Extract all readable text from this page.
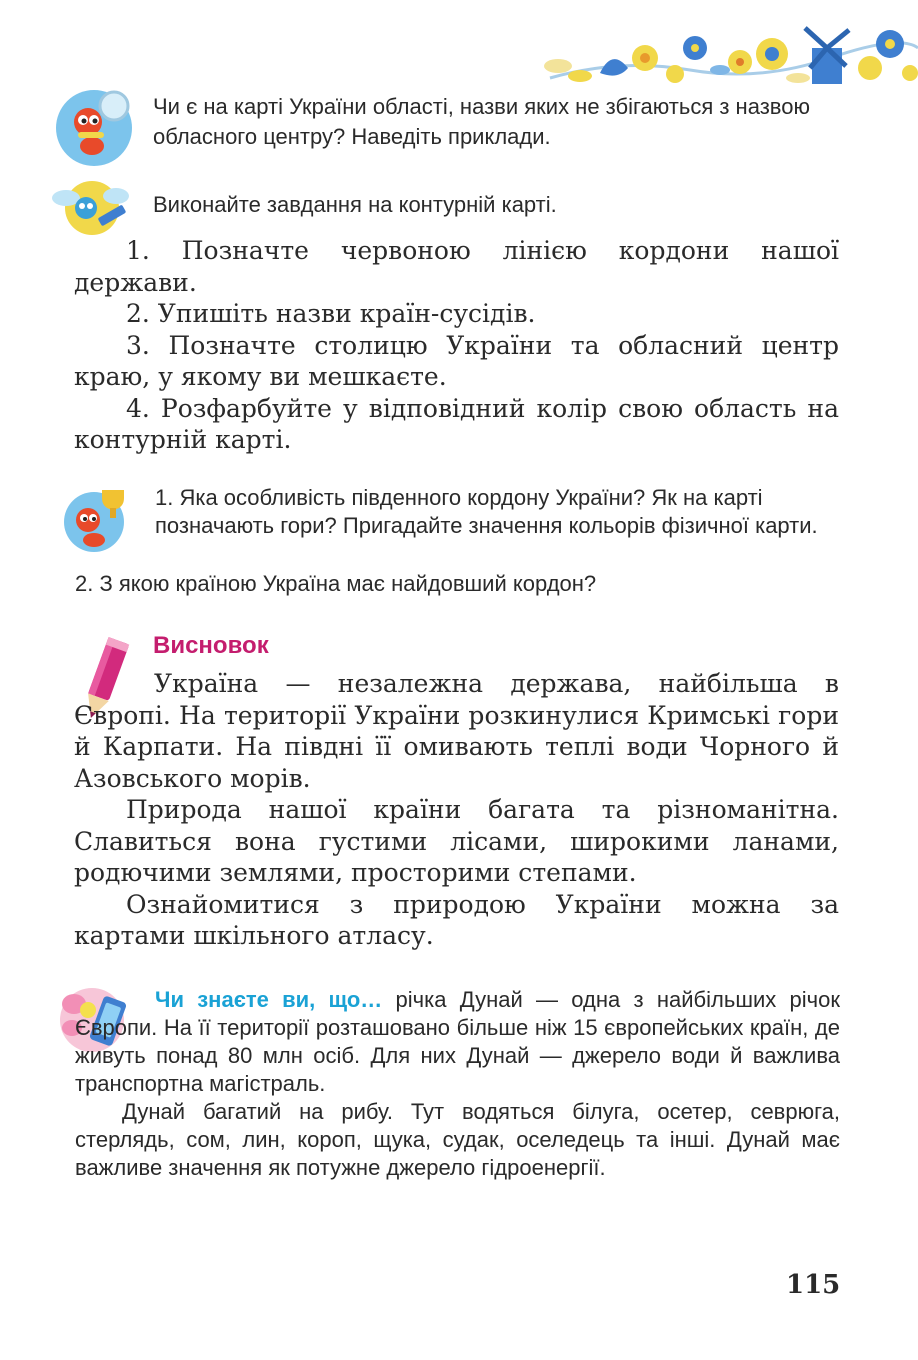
Чи є на карті України області, назви яких не збігаються з назвою обласного центру? Наведіть приклади.
Виконайте завдання на контурній карті.

1. Позначте червоною лінією кордони нашої держави.

2. Упишіть назви країн-сусідів.

3. Позначте столицю України та обласний центр краю, у якому ви мешкаєте.

4. Розфарбуйте у відповідний колір свою область на контурній карті.

1. Яка особливість південного кордону України? Як на карті позначають гори? Пригадайте значення кольорів фізичної карти.
2. З якою країною Україна має найдовший кордон?
Висновок

Україна — незалежна держава, найбільша в Європі. На території України розкинулися Кримські гори й Карпати. На півдні її омивають теплі води Чорного й Азовського морів.

Природа нашої країни багата та різноманітна. Славиться вона густими лісами, широкими ланами, родючими землями, просторими степами.

Ознайомитися з природою України можна за картами шкільного атласу.

Чи знаєте ви, що… річка Дунай — одна з найбільших річок Європи. На її території розташовано більше ніж 15 європейських країн, де живуть понад 80 млн осіб. Для них Дунай — джерело води й важлива транспортна магістраль.

Дунай багатий на рибу. Тут водяться білуга, осетер, севрюга, стерлядь, сом, лин, короп, щука, судак, оселедець та інші. Дунай має важливе значення як потужне джерело гідроенергії.

115
